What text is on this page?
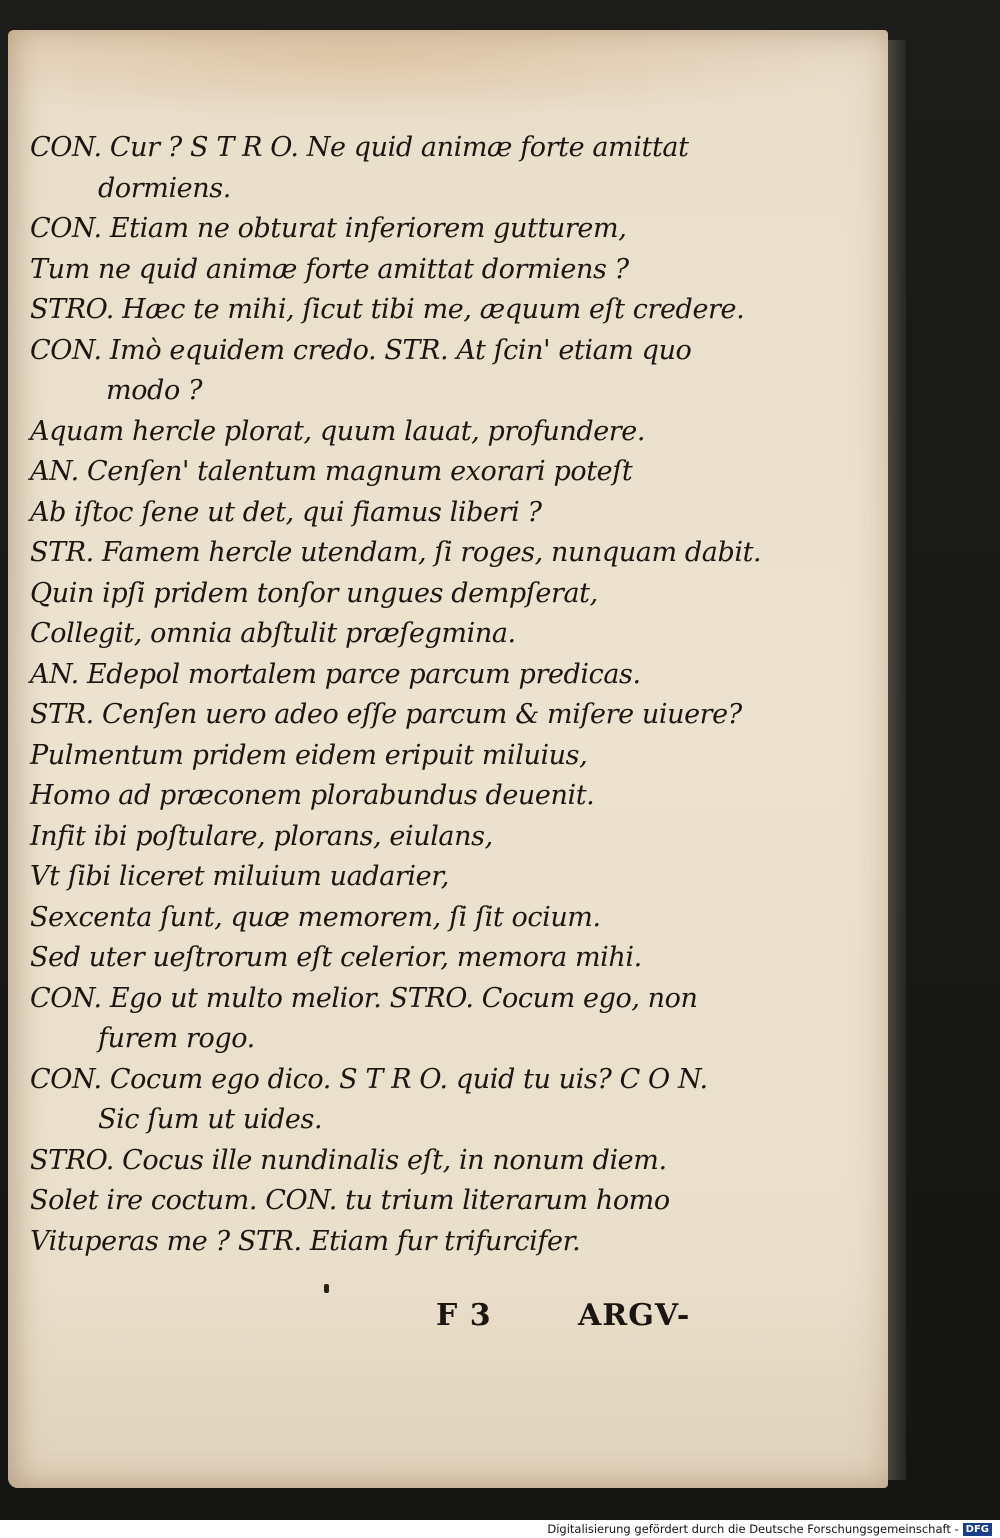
CON. Cur ? S T R O. Ne quid animæ forte amittat
dormiens.
CON. Etiam ne obturat inferiorem gutturem,
Tum ne quid animæ forte amittat dormiens ?
STRO. Hæc te mihi, ſicut tibi me, æquum eſt credere.
CON. Imò equidem credo. STR. At ſcin' etiam quo
modo ?
Aquam hercle plorat, quum lauat, profundere.
AN. Cenſen' talentum magnum exorari poteſt
Ab iſtoc ſene ut det, qui fiamus liberi ?
STR. Famem hercle utendam, ſi roges, nunquam dabit.
Quin ipſi pridem tonſor ungues dempſerat,
Collegit, omnia abſtulit præſegmina.
AN. Edepol mortalem parce parcum predicas.
STR. Cenſen uero adeo eſſe parcum & miſere uiuere?
Pulmentum pridem eidem eripuit miluius,
Homo ad præconem plorabundus deuenit.
Infit ibi poſtulare, plorans, eiulans,
Vt ſibi liceret miluium uadarier,
Sexcenta ſunt, quæ memorem, ſi ſit ocium.
Sed uter ueſtrorum eſt celerior, memora mihi.
CON. Ego ut multo melior. STRO. Cocum ego, non
furem rogo.
CON. Cocum ego dico. S T R O. quid tu uis? C O N.
Sic ſum ut uides.
STRO. Cocus ille nundinalis eſt, in nonum diem.
Solet ire coctum. CON. tu trium literarum homo
Vituperas me ? STR. Etiam fur trifurcifer.
F 3	ARGV-
Digitalisierung gefördert durch die Deutsche Forschungsgemeinschaft - DFG
